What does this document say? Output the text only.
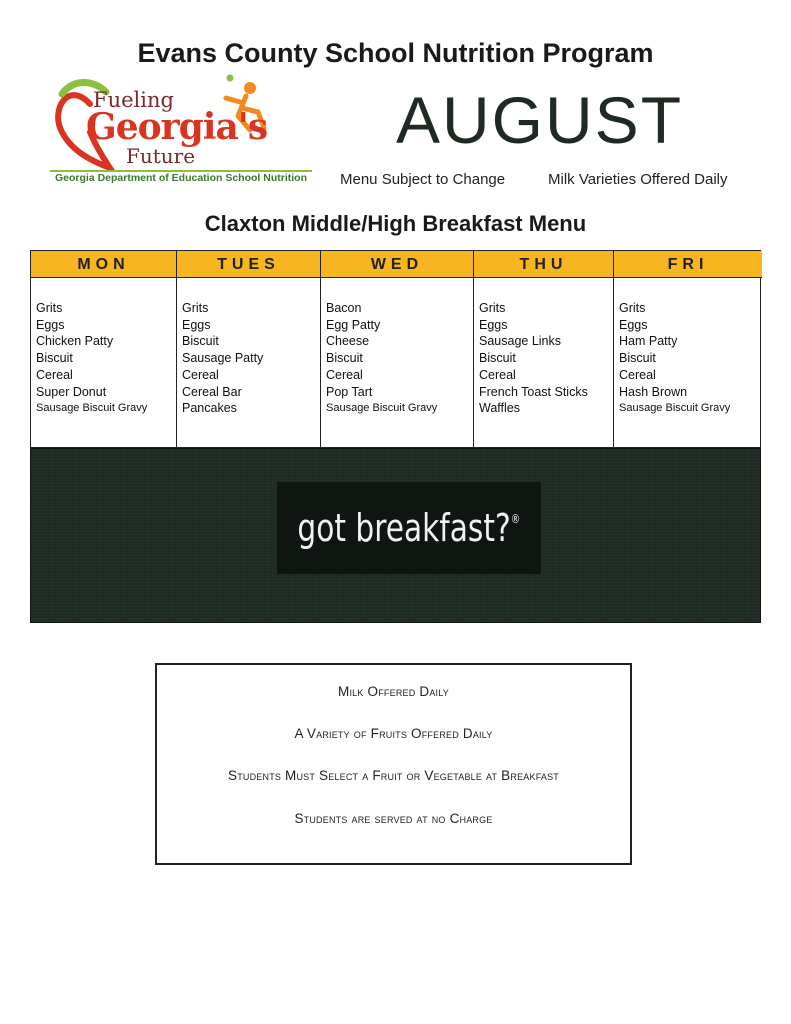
Evans County School Nutrition Program
Fueling
Georgia's
Future
Georgia Department of Education School Nutrition
AUGUST
Menu Subject to Change	Milk Varieties Offered Daily
Claxton Middle/High Breakfast Menu
MON
Grits
Eggs
Chicken Patty
Biscuit
Cereal
Super Donut
Sausage Biscuit Gravy
TUES
Grits
Eggs
Biscuit
Sausage Patty
Cereal
Cereal Bar
Pancakes
WED
Bacon
Egg Patty
Cheese
Biscuit
Cereal
Pop Tart
Sausage Biscuit Gravy
THU
Grits
Eggs
Sausage Links
Biscuit
Cereal
French Toast Sticks
Waffles
FRI
Grits
Eggs
Ham Patty
Biscuit
Cereal
Hash Brown
Sausage Biscuit Gravy
got breakfast?®

Milk Offered Daily

A Variety of Fruits Offered Daily

Students Must Select a Fruit or Vegetable at Breakfast

Students are served at no Charge
